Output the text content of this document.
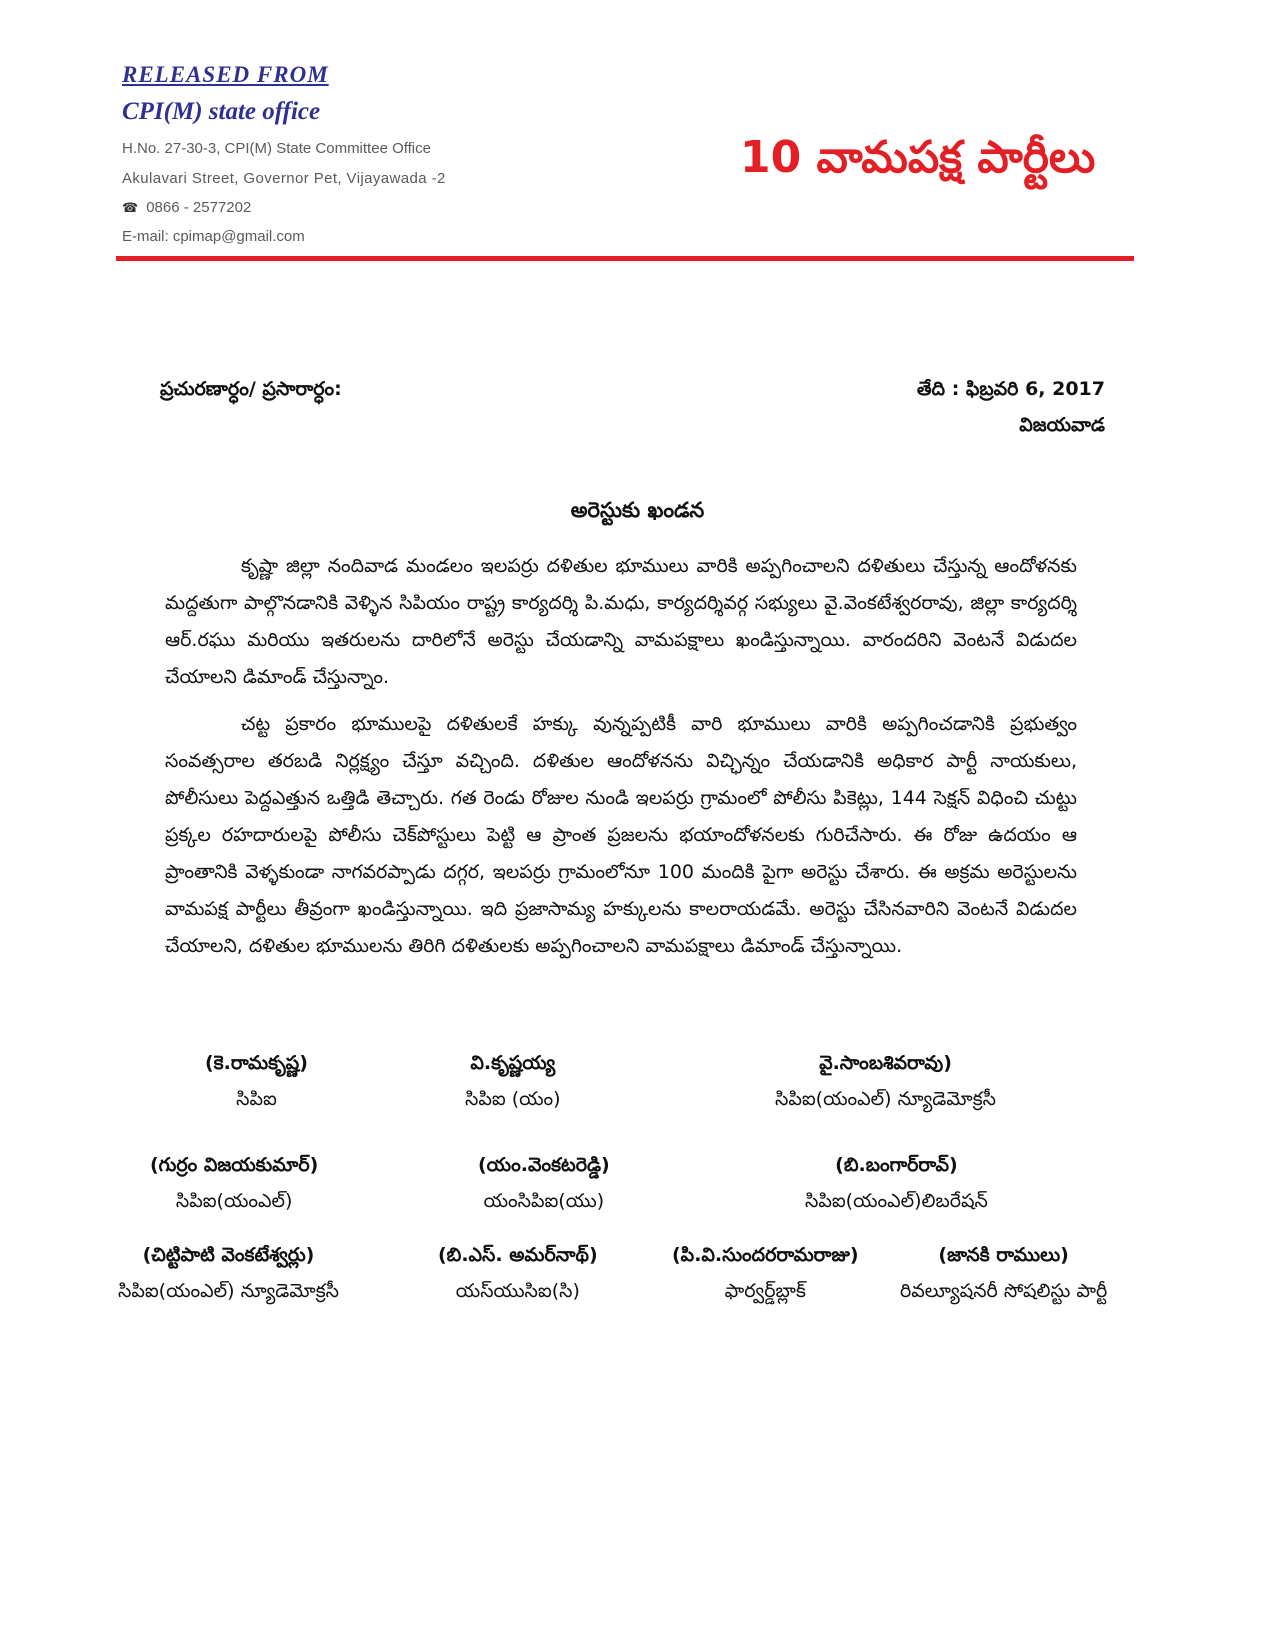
RELEASED FROM
CPI(M) state office
H.No. 27-30-3, CPI(M) State Committee Office
Akulavari Street, Governor Pet, Vijayawada -2
☎ 0866 - 2577202
E-mail: cpimap@gmail.com
10 వామపక్ష పార్టీలు
ప్రచురణార్ధం/ ప్రసారార్ధం:	తేది : ఫిబ్రవరి 6, 2017
విజయవాడ
అరెస్టుకు ఖండన

కృష్ణా జిల్లా నందివాడ మండలం ఇలపర్రు దళితుల భూములు వారికి అప్పగించాలని దళితులు చేస్తున్న ఆందోళనకు మద్దతుగా పాల్గొనడానికి వెళ్ళిన సిపియం రాష్ట్ర కార్యదర్శి పి.మధు, కార్యదర్శివర్గ సభ్యులు వై.వెంకటేశ్వరరావు, జిల్లా కార్యదర్శి ఆర్.రఘు మరియు ఇతరులను దారిలోనే అరెస్టు చేయడాన్ని వామపక్షాలు ఖండిస్తున్నాయి. వారందరిని వెంటనే విడుదల చేయాలని డిమాండ్ చేస్తున్నాం.

చట్ట ప్రకారం భూములపై దళితులకే హక్కు వున్నప్పటికీ వారి భూములు వారికి అప్పగించడానికి ప్రభుత్వం సంవత్సరాల తరబడి నిర్లక్ష్యం చేస్తూ వచ్చింది. దళితుల ఆందోళనను విచ్ఛిన్నం చేయడానికి అధికార పార్టీ నాయకులు, పోలీసులు పెద్దఎత్తున ఒత్తిడి తెచ్చారు. గత రెండు రోజుల నుండి ఇలపర్రు గ్రామంలో పోలీసు పికెట్లు, 144 సెక్షన్ విధించి చుట్టు ప్రక్కల రహదారులపై పోలీసు చెక్‌పోస్టులు పెట్టి ఆ ప్రాంత ప్రజలను భయాందోళనలకు గురిచేసారు. ఈ రోజు ఉదయం ఆ ప్రాంతానికి వెళ్ళకుండా నాగవరప్పాడు దగ్గర, ఇలపర్రు గ్రామంలోనూ 100 మందికి పైగా అరెస్టు చేశారు. ఈ అక్రమ అరెస్టులను వామపక్ష పార్టీలు తీవ్రంగా ఖండిస్తున్నాయి. ఇది ప్రజాసామ్య హక్కులను కాలరాయడమే. అరెస్టు చేసినవారిని వెంటనే విడుదల చేయాలని, దళితుల భూములను తిరిగి దళితులకు అప్పగించాలని వామపక్షాలు డిమాండ్ చేస్తున్నాయి.

(కె.రామకృష్ణ)
సిపిఐ
వి.కృష్ణయ్య
సిపిఐ (యం)
వై.సాంబశివరావు)
సిపిఐ(యంఎల్) న్యూడెమోక్రసీ
(గుర్రం విజయకుమార్)
సిపిఐ(యంఎల్)
(యం.వెంకటరెడ్డి)
యంసిపిఐ(యు)
(బి.బంగార్‌రావ్)
సిపిఐ(యంఎల్)లిబరేషన్
(చిట్టిపాటి వెంకటేశ్వర్లు)
సిపిఐ(యంఎల్) న్యూడెమోక్రసీ
(బి.ఎస్. అమర్‌నాథ్)
యస్‌యుసిఐ(సి)
(పి.వి.సుందరరామరాజు)
ఫార్వర్డ్‌బ్లాక్
(జానకి రాములు)
రివల్యూషనరీ సోషలిస్టు పార్టీ
